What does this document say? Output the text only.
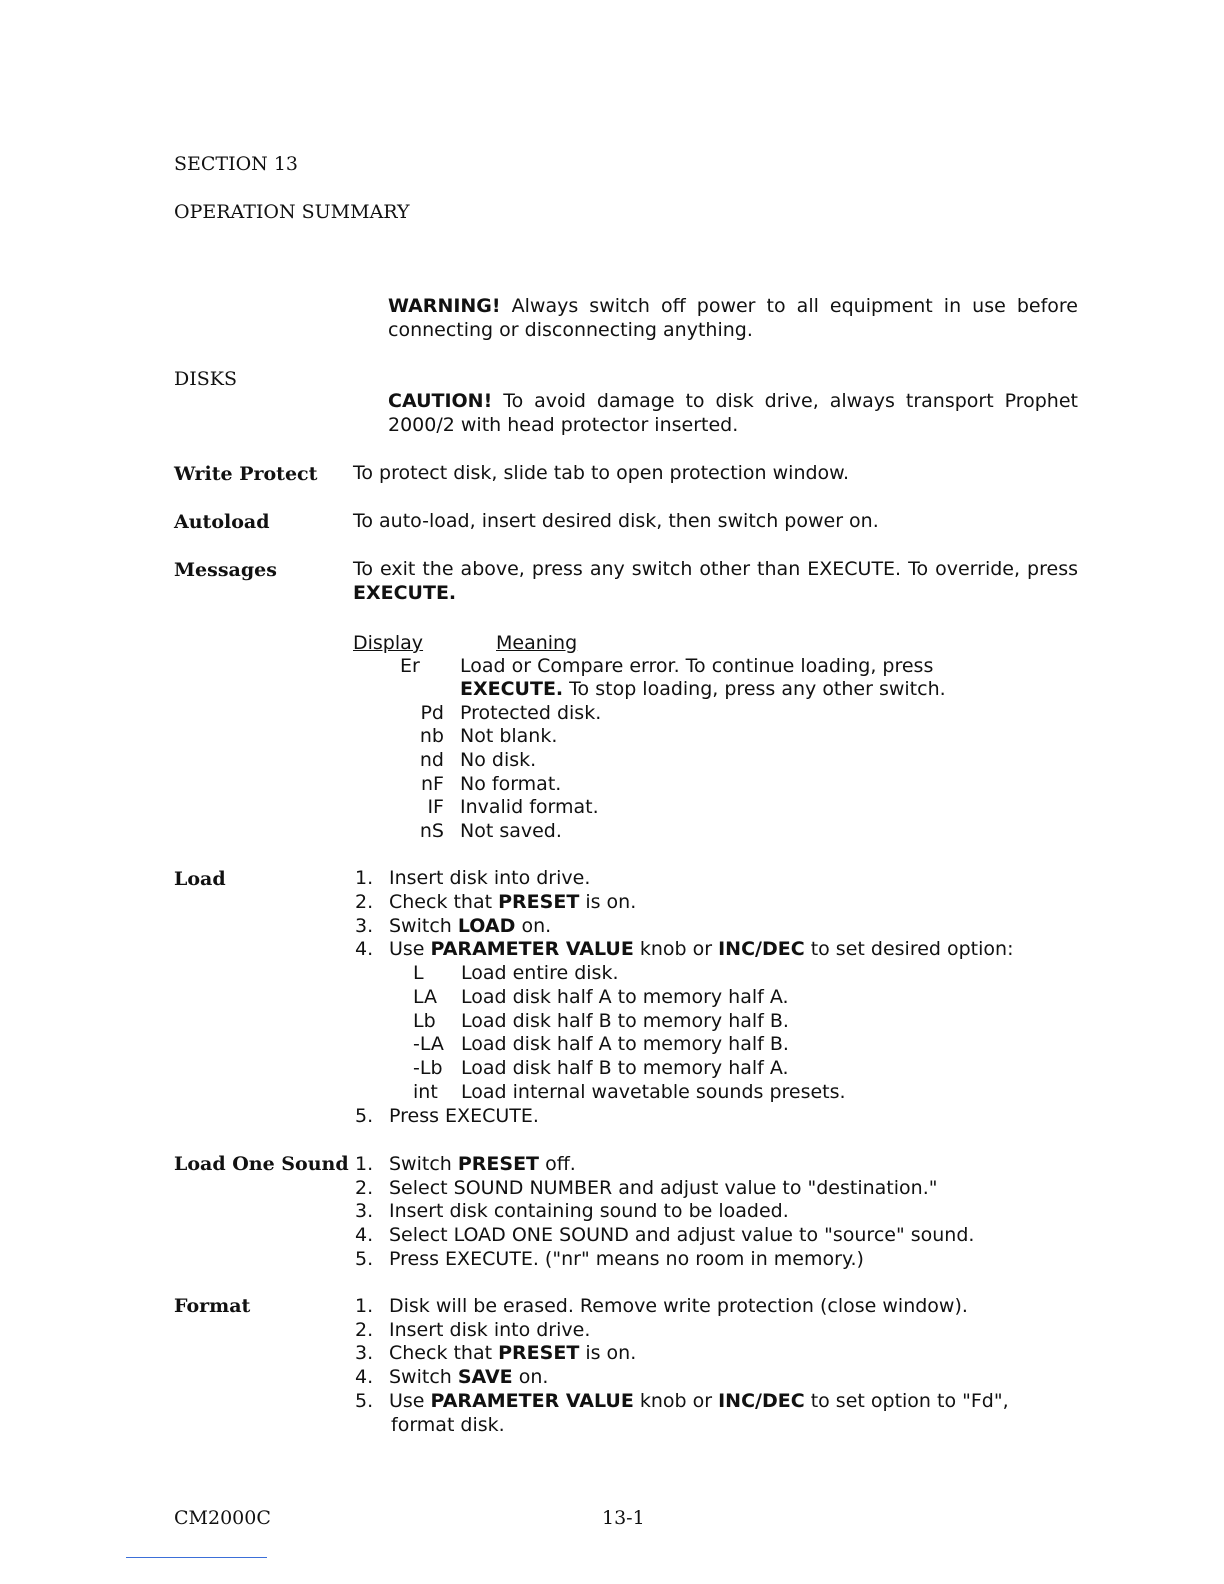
SECTION 13
OPERATION SUMMARY
WARNING! Always switch off power to all equipment in use before connecting or disconnecting anything.
DISKS
CAUTION! To avoid damage to disk drive, always transport Prophet 2000/2 with head protector inserted.
Write Protect To protect disk, slide tab to open protection window.
Autoload	To auto-load, insert desired disk, then switch power on.
Messages	To exit the above, press any switch other than EXECUTE. To override, press EXECUTE.
Display	Meaning
Er Load or Compare error. To continue loading, press
EXECUTE. To stop loading, press any other switch.
Pd Protected disk.
nb Not blank.
nd No disk.
nF No format.
IF Invalid format.
nS Not saved.
Load	1. Insert disk into drive.
2. Check that PRESET is on.
3. Switch LOAD on.
4. Use PARAMETER VALUE knob or INC/DEC to set desired option:
L Load entire disk.
LA Load disk half A to memory half A.
Lb Load disk half B to memory half B.
-LA Load disk half A to memory half B.
-Lb Load disk half B to memory half A.
int Load internal wavetable sounds presets.
5. Press EXECUTE.
Load One Sound 1. Switch PRESET off.
2. Select SOUND NUMBER and adjust value to "destination."
3. Insert disk containing sound to be loaded.
4. Select LOAD ONE SOUND and adjust value to "source" sound.
5. Press EXECUTE. ("nr" means no room in memory.)
Format	1. Disk will be erased. Remove write protection (close window).
2. Insert disk into drive.
3. Check that PRESET is on.
4. Switch SAVE on.
5. Use PARAMETER VALUE knob or INC/DEC to set option to "Fd",
format disk.
CM2000C	13-1
